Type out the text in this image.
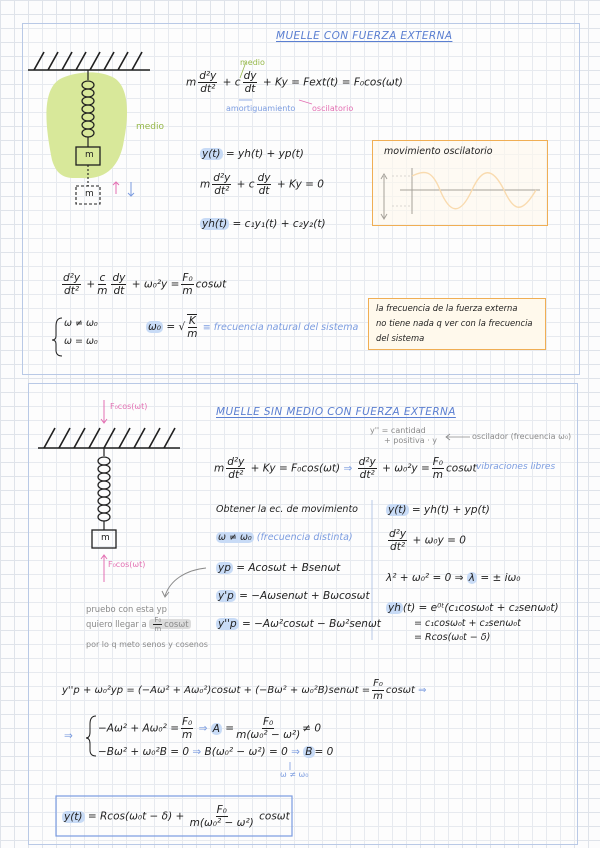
MUELLE CON FUERZA EXTERNA
medio
medio
m
m
m $\frac{\text{d²y}}{\text{dt²}} + c \frac{dy}{dt} + Ky$ = Fext(t) = F₀cos(ωt)
amortiguamiento oscilatorio
y(t) = yh(t) + yp(t)
m $\frac{\text{d²y}}{\text{dt²}} + c \frac{dy}{dt} + Ky = 0$
yh(t) = c₁y₁(t) + c₂y₂(t)
movimiento oscilatorio
$\frac{\text{d²y}}{\text{dt²}} + \frac{c}{m} \frac{dy}{dt} + \omega_0^2y = \frac{\text{F₀}}{m}$ cosωt
ω ≠ ω₀
ω = ω₀
ω₀ = √ $\frac{K}{m}$ ≡ frecuencia natural del sistema
la frecuencia de la fuerza externa
no tiene nada q ver con la frecuencia
del sistema
F₀cos(ωt)	MUELLE SIN MEDIO CON FUERZA EXTERNA
y'' = cantidad
+ positiva · y	oscilador (frecuencia ω₀)
m
F₀cos(ωt)
m $\frac{\text{d²y}}{\text{dt²}} + Ky = F_0\cos(\omega t)$ ⇒ $\frac{\text{d²y}}{\text{dt²}} + \omega_0^2y = \frac{\text{F₀}}{m}$ cosωt vibraciones libres
Obtener la ec. de movimiento
ω ≠ ω₀ (frecuencia distinta)
yp = Acosωt + Bsenωt
y'p = −Aωsenωt + Bωcosωt
y''p = −Aω²cosωt − Bω²senωt
pruebo con esta yp
quiero llegar a $\frac{\text{F₀}}{m}$ cosωt
por lo q meto senos y cosenos
y(t) = yh(t) + yp(t)
$\frac{\text{d²y}}{\text{dt²}} + \omega_0y = 0$
λ² + ω₀² = 0 ⇒ λ = ± iω₀
yh (t) = e⁰ᵗ(c₁cosω₀t + c₂senω₀t)
= c₁cosω₀t + c₂senω₀t
= Rcos(ω₀t − δ)
$y''p + \omega_0^2yp = (-A\omega^2 + A\omega_0^2)\cos\omega t + (-B\omega^2 + \omega_0^2B)sen\omega t = \frac{\text{F₀}}{m}$ cosωt ⇒
⇒
$-A\omega^2 + A\omega_0^2 = \frac{\text{F₀}}{m}$ ⇒ $A = \frac{\text{F₀}}{\text{m(ω₀² − ω²)}} \ne 0$
−Bω² + ω₀²B = 0 ⇒ B(ω₀² − ω²) = 0 ⇒ B = 0
ω ≠ ω₀
$y(t) = Rcos(\omega_0t - \delta) + \frac{\text{F₀}}{\text{m(ω₀² − ω²)}}$ cosωt
